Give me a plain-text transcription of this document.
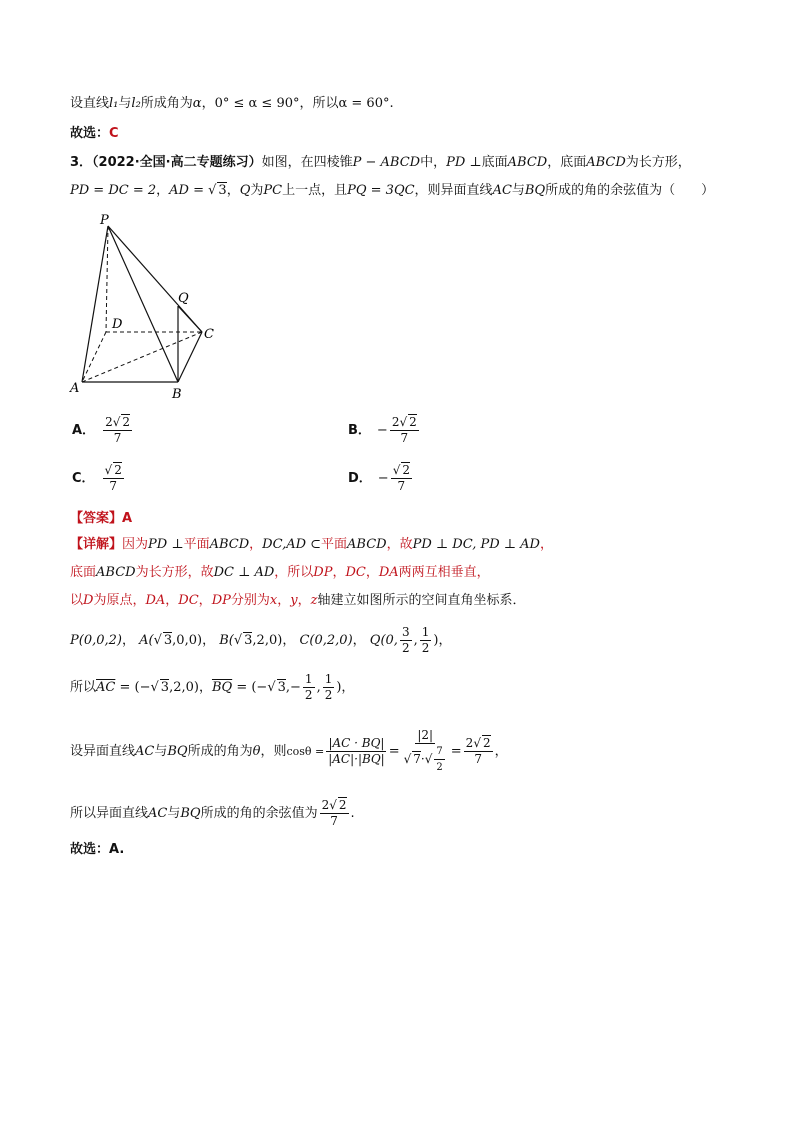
设直线l₁与l₂所成角为α，0° ≤ α ≤ 90°，所以α = 60°.
故选：C
3．（2022·全国·高二专题练习）如图，在四棱锥P − ABCD中，PD ⊥底面ABCD，底面ABCD为长方形，
PD = DC = 2，AD = √ 3，Q为PC上一点，且PQ = 3QC，则异面直线AC与BQ所成的角的余弦值为（　　）
P
Q
D
C
A	B
A． $\frac{2√ 2}{7}$	B． − $\frac{2√ 2}{7}$
C． $\frac{√ 2}{7}$	D． − $\frac{√ 2}{7}$
【答案】A
【详解】因为PD ⊥平面ABCD，DC,AD ⊂平面ABCD，故PD ⊥ DC, PD ⊥ AD，
底面ABCD为长方形，故DC ⊥ AD，所以DP，DC，DA两两互相垂直，
以D为原点，DA，DC，DP分别为x，y，z轴建立如图所示的空间直角坐标系．
P(0,0,2)， A(√ 3,0,0)， B(√ 3,2,0)， C(0,2,0)， Q(0, $\frac{3}{2}$ , $\frac{1}{2}$ )，
所以$\overline{AC}$ = (−√ 3,2,0)，$\overline{BQ}$ = (−√ $3,- \frac{1}{2}$ , $\frac{1}{2}$ )，
设异面直线AC与BQ所成的角为θ，则$\cos\theta = \frac{|AC \cdot BQ|}{|AC|\cdot|BQ|} = \frac{|2|}{√ 7\cdot√ \frac{7}{2}} = \frac{2√ 2}{7}$ ，
所以异面直线AC与BQ所成的角的余弦值为 $\frac{2√ 2}{7}$ .
故选：A.
